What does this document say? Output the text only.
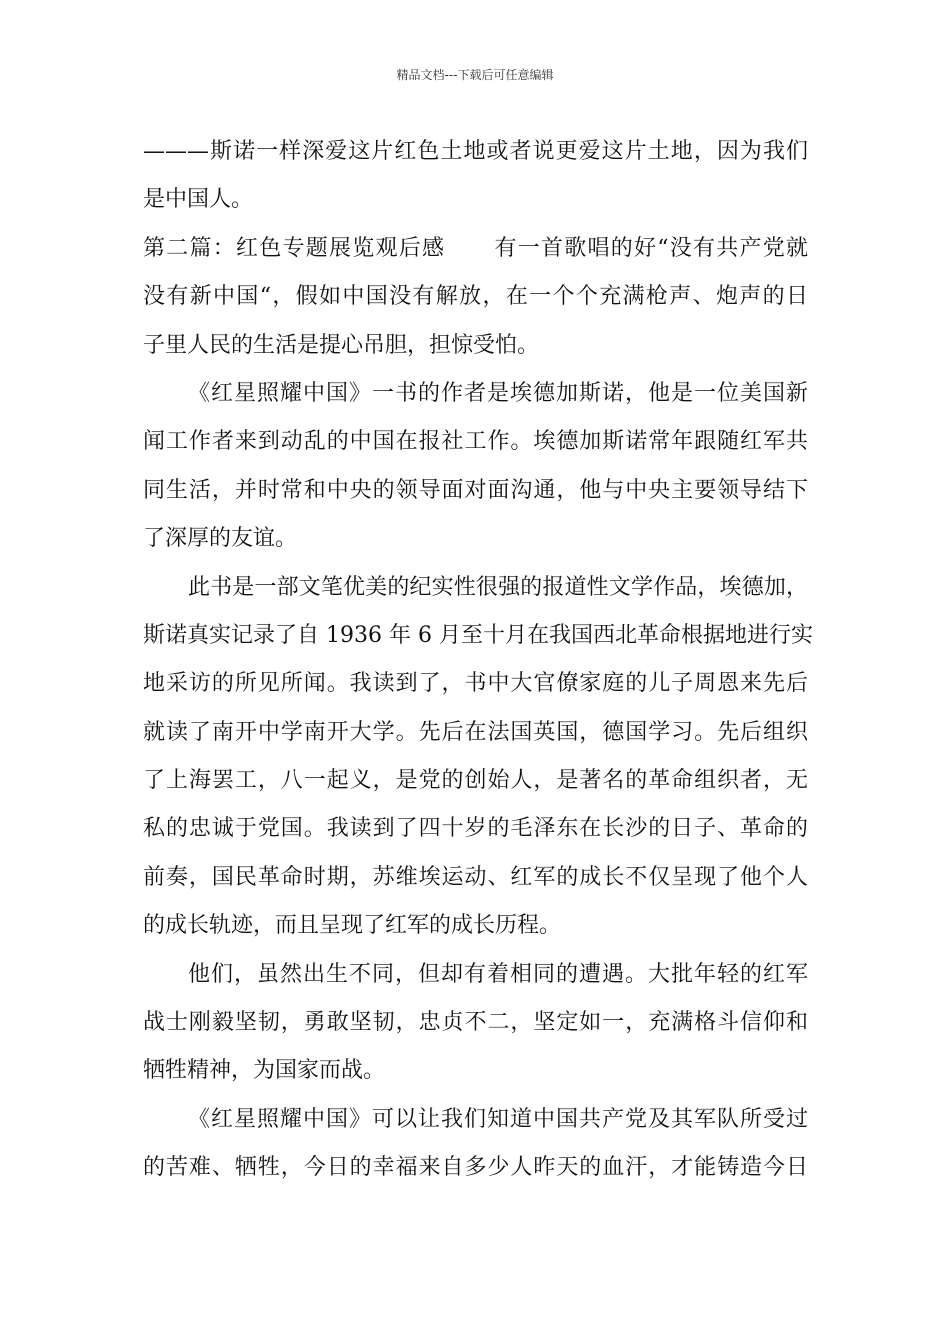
精品文档---下载后可任意编辑
———斯诺一样深爱这片红色土地或者说更爱这片土地，因为我们
是中国人。
第二篇：红色专题展览观后感 有一首歌唱的好“没有共产党就
没有新中国“，假如中国没有解放，在一个个充满枪声、炮声的日
子里人民的生活是提心吊胆，担惊受怕。
《红星照耀中国》一书的作者是埃德加斯诺，他是一位美国新
闻工作者来到动乱的中国在报社工作。埃德加斯诺常年跟随红军共
同生活，并时常和中央的领导面对面沟通，他与中央主要领导结下
了深厚的友谊。
此书是一部文笔优美的纪实性很强的报道性文学作品，埃德加，
斯诺真实记录了自 1936 年 6 月至十月在我国西北革命根据地进行实
地采访的所见所闻。我读到了，书中大官僚家庭的儿子周恩来先后
就读了南开中学南开大学。先后在法国英国，德国学习。先后组织
了上海罢工，八一起义，是党的创始人，是著名的革命组织者，无
私的忠诚于党国。我读到了四十岁的毛泽东在长沙的日子、革命的
前奏，国民革命时期，苏维埃运动、红军的成长不仅呈现了他个人
的成长轨迹，而且呈现了红军的成长历程。
他们，虽然出生不同，但却有着相同的遭遇。大批年轻的红军
战士刚毅坚韧，勇敢坚韧，忠贞不二，坚定如一，充满格斗信仰和
牺牲精神，为国家而战。
《红星照耀中国》可以让我们知道中国共产党及其军队所受过
的苦难、牺牲，今日的幸福来自多少人昨天的血汗，才能铸造今日
